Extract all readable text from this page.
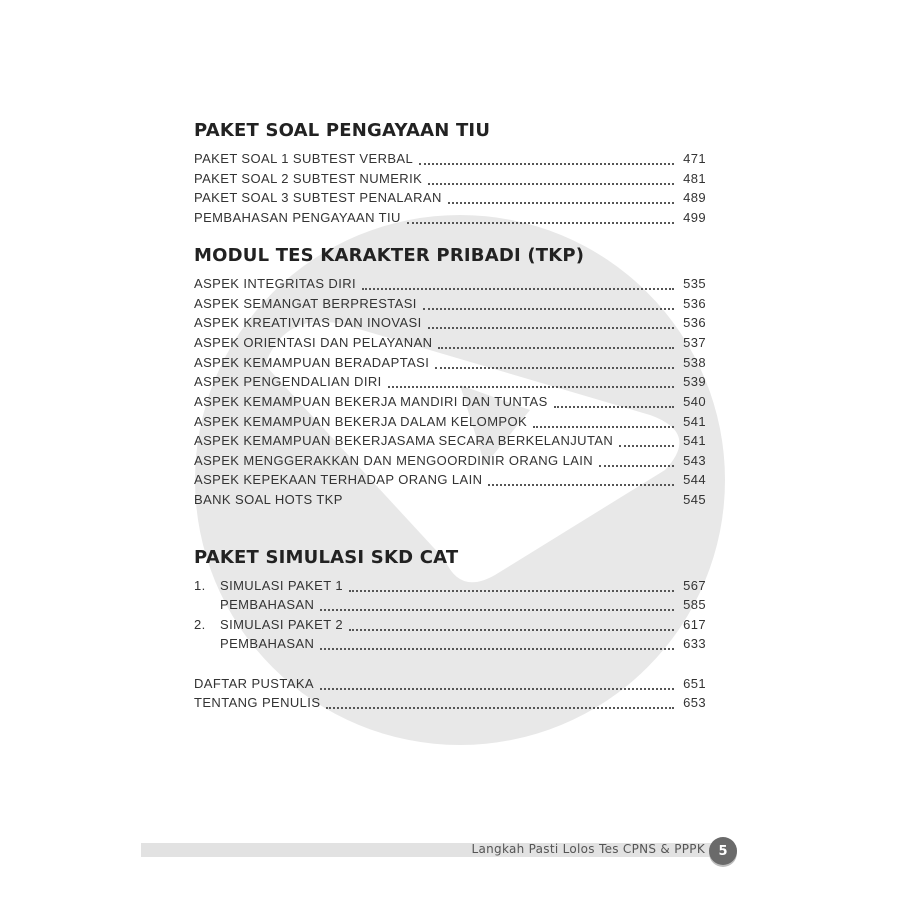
PAKET SOAL PENGAYAAN TIU
PAKET SOAL 1 SUBTEST VERBAL	471
PAKET SOAL 2 SUBTEST NUMERIK	481
PAKET SOAL 3 SUBTEST PENALARAN	489
PEMBAHASAN PENGAYAAN TIU	499
MODUL TES KARAKTER PRIBADI (TKP)
ASPEK INTEGRITAS DIRI	535
ASPEK SEMANGAT BERPRESTASI	536
ASPEK KREATIVITAS DAN INOVASI	536
ASPEK ORIENTASI DAN PELAYANAN	537
ASPEK KEMAMPUAN BERADAPTASI	538
ASPEK PENGENDALIAN DIRI	539
ASPEK KEMAMPUAN BEKERJA MANDIRI DAN TUNTAS	540
ASPEK KEMAMPUAN BEKERJA DALAM KELOMPOK	541
ASPEK KEMAMPUAN BEKERJASAMA SECARA BERKELANJUTAN	541
ASPEK MENGGERAKKAN DAN MENGOORDINIR ORANG LAIN	543
ASPEK KEPEKAAN TERHADAP ORANG LAIN	544
BANK SOAL HOTS TKP	545
PAKET SIMULASI SKD CAT
1. SIMULASI PAKET 1	567
PEMBAHASAN	585
2. SIMULASI PAKET 2	617
PEMBAHASAN	633
DAFTAR PUSTAKA	651
TENTANG PENULIS	653
Langkah Pasti Lolos Tes CPNS & PPPK	5
